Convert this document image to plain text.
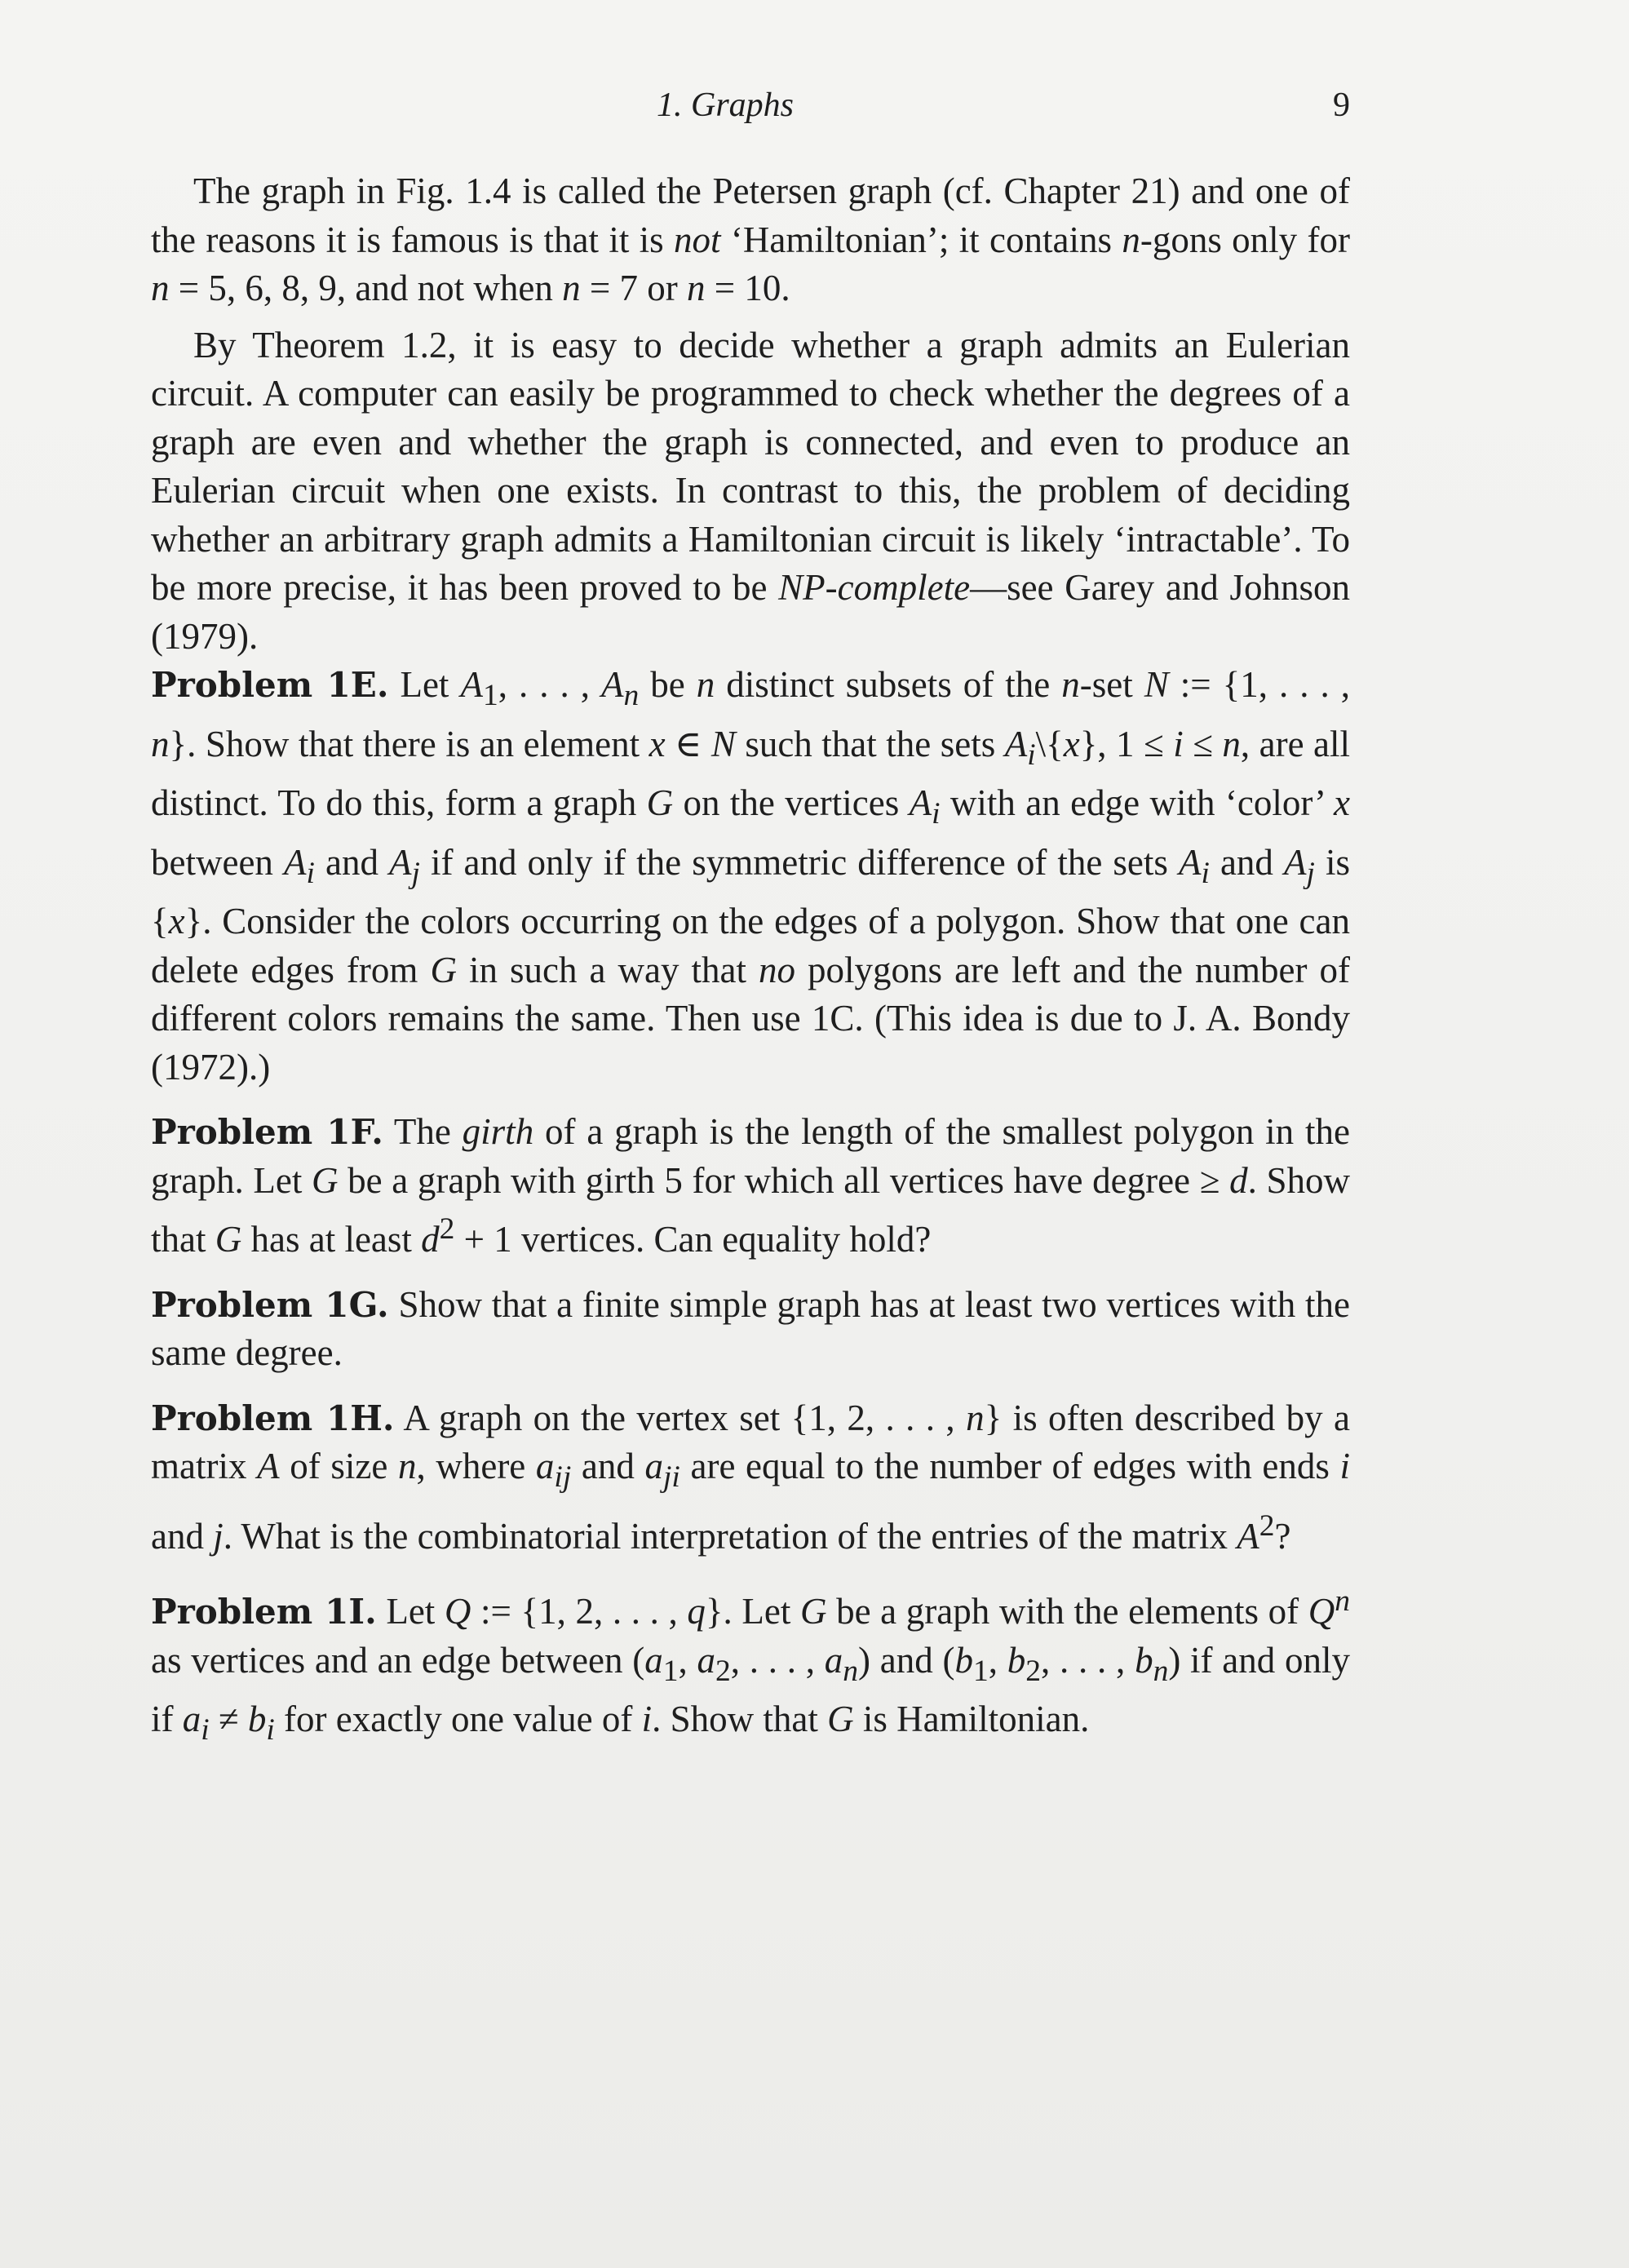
1. Graphs	9

The graph in Fig. 1.4 is called the Petersen graph (cf. Chapter 21) and one of the reasons it is famous is that it is not ‘Hamiltonian’; it contains n-gons only for n = 5, 6, 8, 9, and not when n = 7 or n = 10.

By Theorem 1.2, it is easy to decide whether a graph admits an Eulerian circuit. A computer can easily be programmed to check whether the degrees of a graph are even and whether the graph is connected, and even to produce an Eulerian circuit when one exists. In contrast to this, the problem of deciding whether an arbitrary graph admits a Hamiltonian circuit is likely ‘intractable’. To be more precise, it has been proved to be NP-complete—see Garey and Johnson (1979).

Problem 1E. Let $A_1$, . . . , $A_n$ be n distinct subsets of the n-set N := {1, . . . , n}. Show that there is an element x ∈ N such that the sets $A_i\backslash\{x\}$, 1 ≤ i ≤ n, are all distinct. To do this, form a graph G on the vertices $A_i$ with an edge with ‘color’ x between $A_i$ and $A_j$ if and only if the symmetric difference of the sets $A_i$ and $A_j$ is {x}. Consider the colors occurring on the edges of a polygon. Show that one can delete edges from G in such a way that no polygons are left and the number of different colors remains the same. Then use 1C. (This idea is due to J. A. Bondy (1972).)

Problem 1F. The girth of a graph is the length of the smallest polygon in the graph. Let G be a graph with girth 5 for which all vertices have degree ≥ d. Show that G has at least $d^2 + 1$ vertices. Can equality hold?

Problem 1G. Show that a finite simple graph has at least two vertices with the same degree.

Problem 1H. A graph on the vertex set {1, 2, . . . , n} is often described by a matrix A of size n, where $a_{ij}$ and $a_{ji}$ are equal to the number of edges with ends i and j. What is the combinatorial interpretation of the entries of the matrix $A^2$?

Problem 1I. Let Q := {1, 2, . . . , q}. Let G be a graph with the elements of $Q^n$ as vertices and an edge between ($a_1$, $a_2$, . . . , $a_n$) and ($b_1$, $b_2$, . . . , $b_n$) if and only if $a_i \ne b_i$ for exactly one value of i. Show that G is Hamiltonian.
